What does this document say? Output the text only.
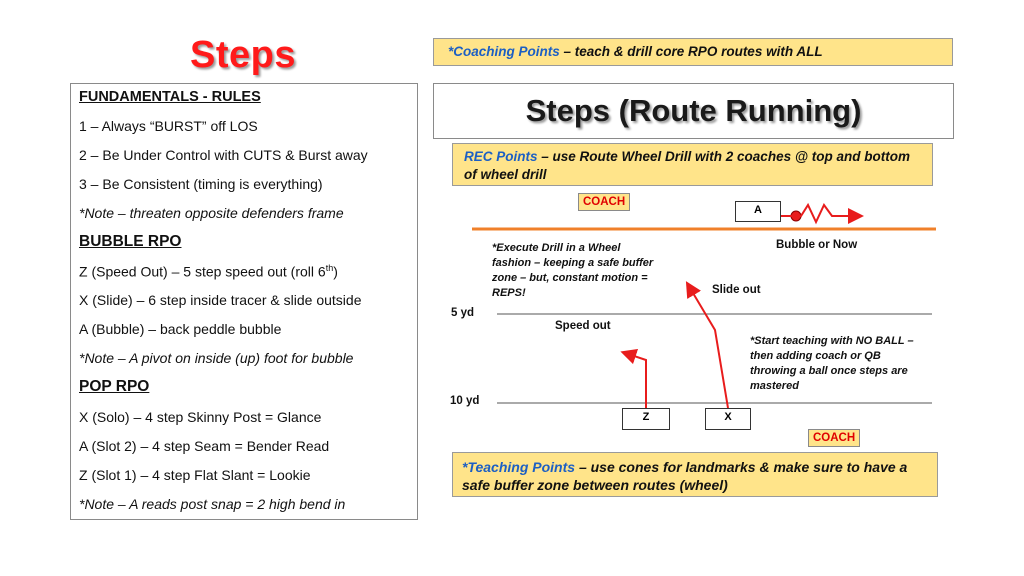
Steps
FUNDAMENTALS - RULES
1 – Always “BURST” off LOS
2 – Be Under Control with CUTS & Burst away
3 – Be Consistent (timing is everything)
*Note – threaten opposite defenders frame
BUBBLE RPO
Z (Speed Out) – 5 step speed out (roll 6th)
X (Slide) – 6 step inside tracer & slide outside
A (Bubble) – back peddle bubble
*Note – A pivot on inside (up) foot for bubble
POP RPO
X (Solo) – 4 step Skinny Post = Glance
A (Slot 2) – 4 step Seam = Bender Read
Z (Slot 1) – 4 step Flat Slant = Lookie
*Note – A reads post snap = 2 high bend in
*Coaching Points – teach & drill core RPO routes with ALL
Steps (Route Running)
REC Points – use Route Wheel Drill with 2 coaches @ top and bottom of wheel drill
COACH
COACH
A
Z	X
Bubble or Now
Slide out
Speed out
5 yd
10 yd
*Execute Drill in a Wheel fashion – keeping a safe buffer zone – but, constant motion = REPS!
*Start teaching with NO BALL – then adding coach or QB throwing a ball once steps are mastered
*Teaching Points – use cones for landmarks & make sure to have a safe buffer zone between routes (wheel)
